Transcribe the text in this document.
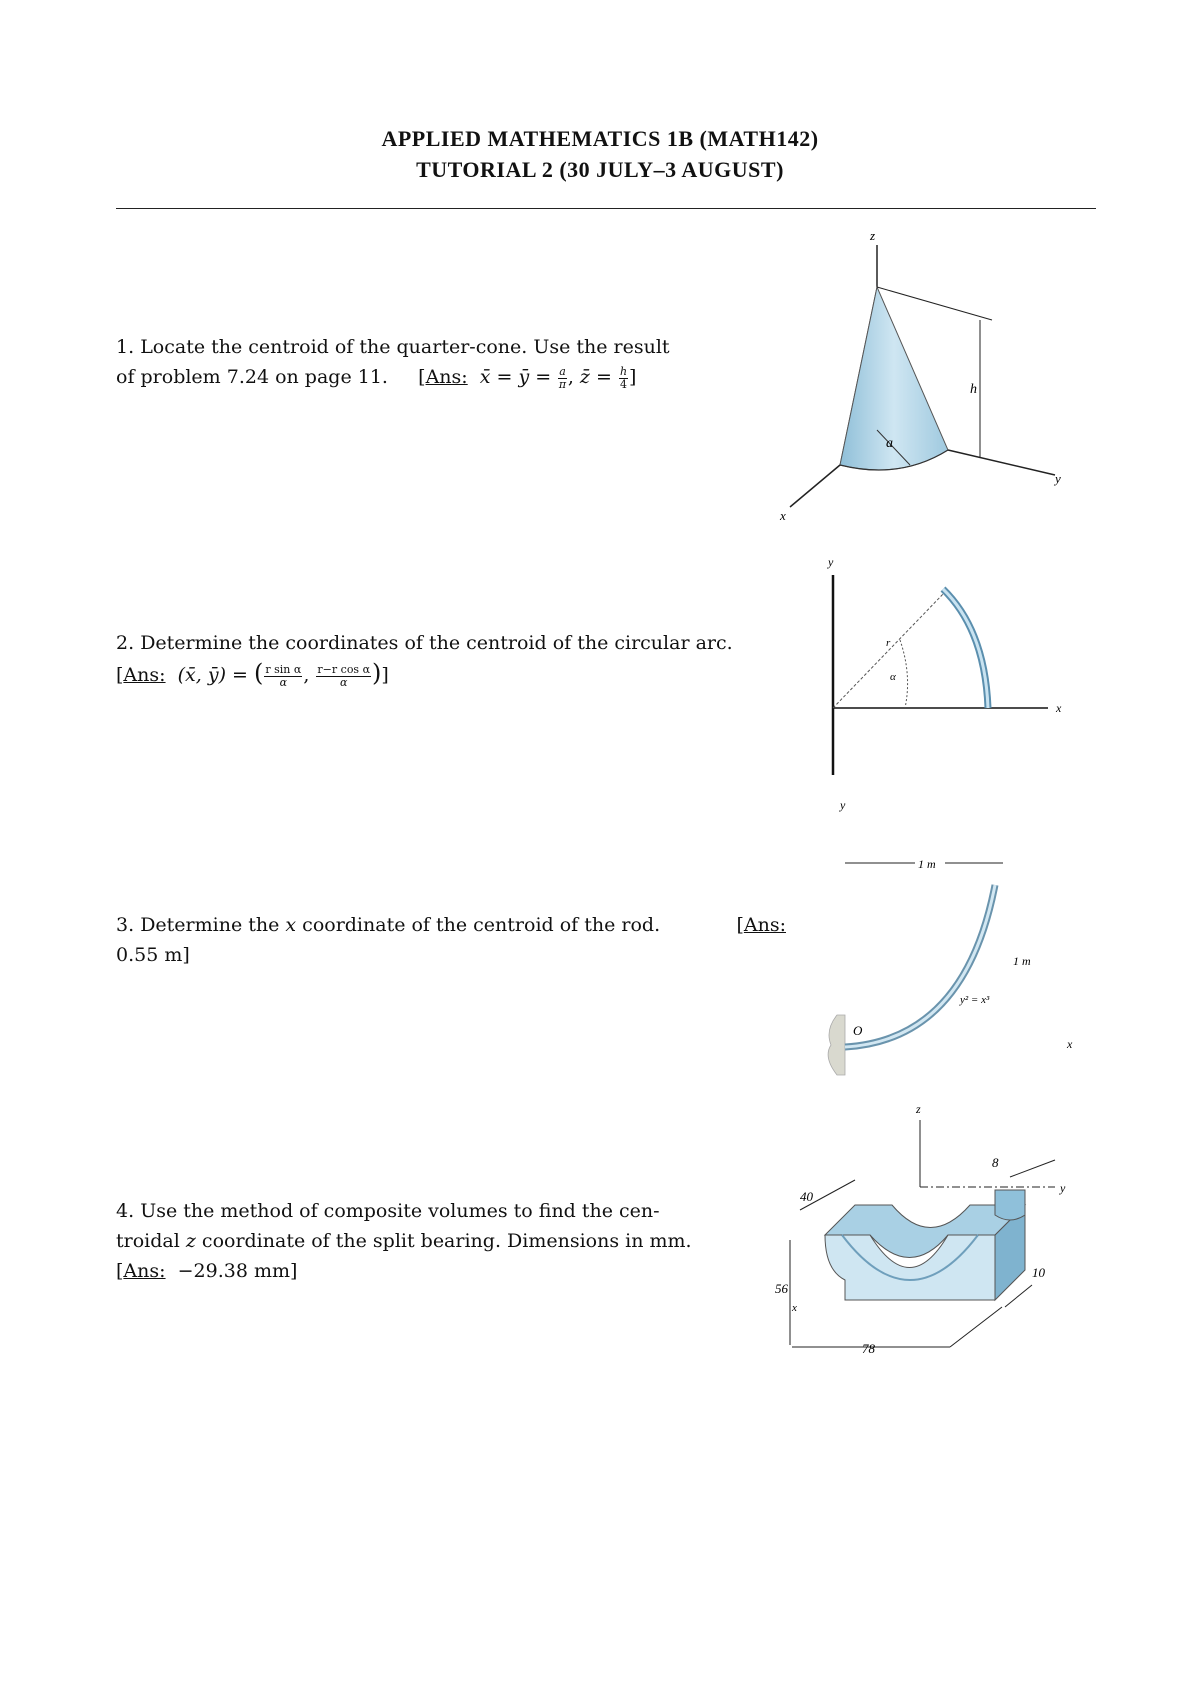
APPLIED MATHEMATICS 1B (MATH142)
TUTORIAL 2 (30 JULY–3 AUGUST)
1. Locate the centroid of the quarter-cone. Use the result
of problem 7.24 on page 11.     [Ans: x̄ = ȳ = $\frac{a}{\pi}$ , z̄ = $\frac{h}{4}$ ]
2. Determine the coordinates of the centroid of the circular arc.
[Ans: (x̄, ȳ) = ( $\frac{\text{r sin α}}{\alpha}$ , $\frac{\text{r−r cos α}}{\alpha}$ )]
3. Determine the x coordinate of the centroid of the rod.	[Ans:
0.55 m]
4. Use the method of composite volumes to find the cen-
troidal z coordinate of the split bearing. Dimensions in mm.
[Ans: −29.38 mm]
z
y
x
h
a
y
x
r
α
y
1 m
1 m
y² = x³
x
O
z
y
40
8
10
56
x
78
